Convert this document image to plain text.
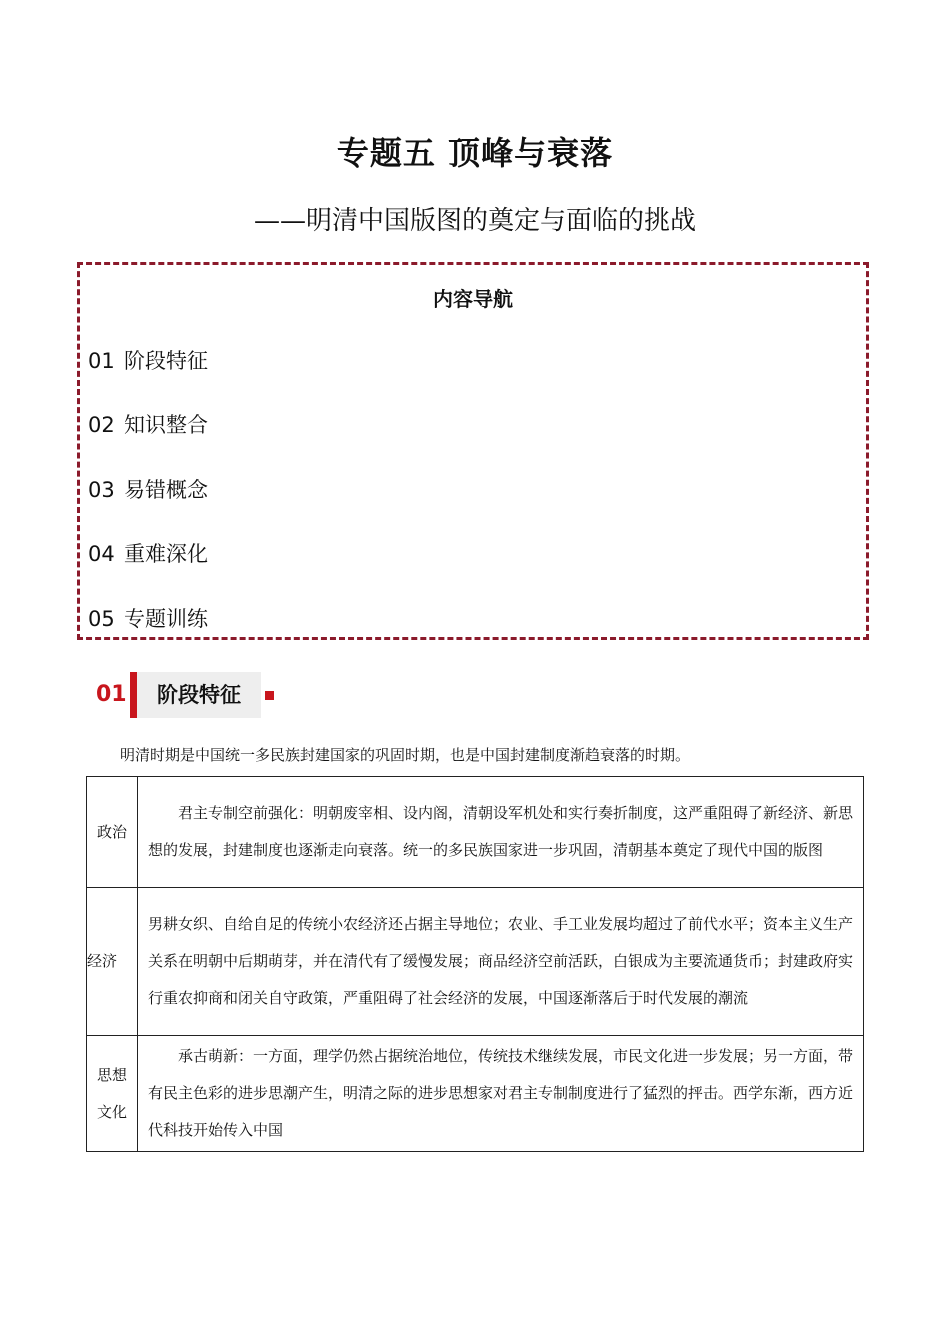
专题五 顶峰与衰落
——明清中国版图的奠定与面临的挑战
内容导航
01 阶段特征
02 知识整合
03 易错概念
04 重难深化
05 专题训练
01	阶段特征
明清时期是中国统一多民族封建国家的巩固时期，也是中国封建制度渐趋衰落的时期。
政治	君主专制空前强化：明朝废宰相、设内阁，清朝设军机处和实行奏折制度，这严重阻碍了新经济、新思想的发展，封建制度也逐渐走向衰落。统一的多民族国家进一步巩固，清朝基本奠定了现代中国的版图
经济	男耕女织、自给自足的传统小农经济还占据主导地位；农业、手工业发展均超过了前代水平；资本主义生产关系在明朝中后期萌芽，并在清代有了缓慢发展；商品经济空前活跃，白银成为主要流通货币；封建政府实行重农抑商和闭关自守政策，严重阻碍了社会经济的发展，中国逐渐落后于时代发展的潮流

思想
文化	承古萌新：一方面，理学仍然占据统治地位，传统技术继续发展，市民文化进一步发展；另一方面，带有民主色彩的进步思潮产生，明清之际的进步思想家对君主专制制度进行了猛烈的抨击。西学东渐，西方近代科技开始传入中国
